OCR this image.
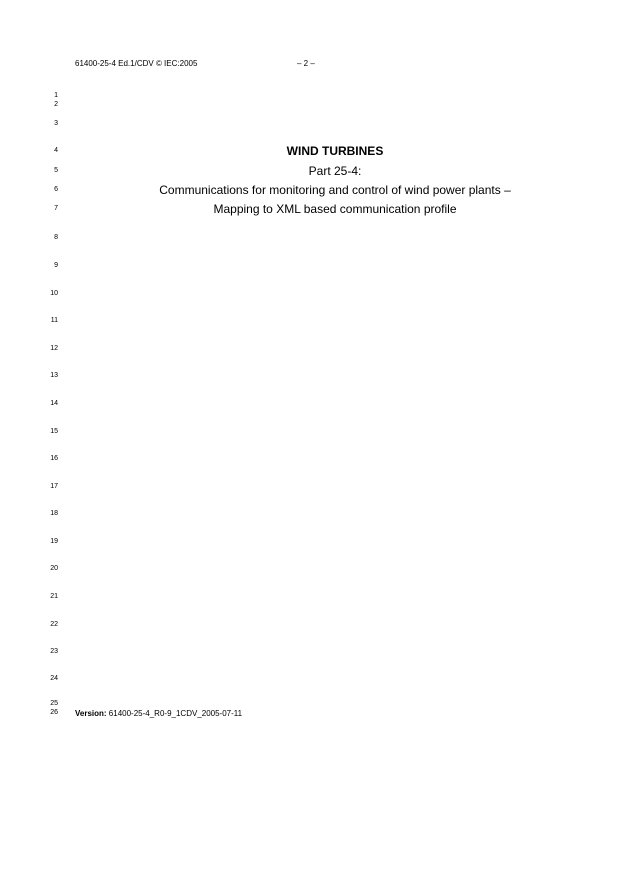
61400-25-4 Ed.1/CDV © IEC:2005	– 2 –
1
2
3
4
5
6
7
8
9
10
11
12
13
14
15
16
17
18
19
20
21
22
23
24
25
26
WIND TURBINES
Part 25-4:
Communications for monitoring and control of wind power plants –
Mapping to XML based communication profile
Version: 61400-25-4_R0-9_1CDV_2005-07-11
